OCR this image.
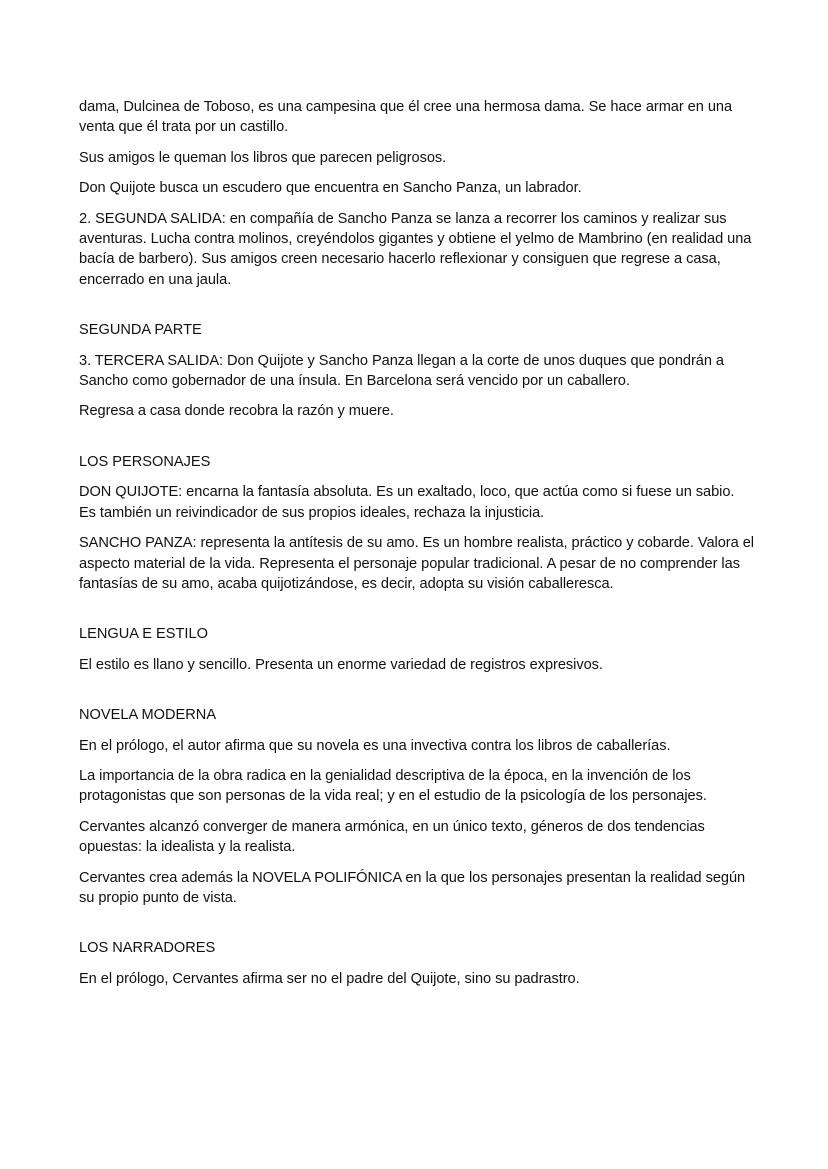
dama, Dulcinea de Toboso, es una campesina que él cree una hermosa dama. Se hace armar en una venta que él trata por un castillo.

Sus amigos le queman los libros que parecen peligrosos.

Don Quijote busca un escudero que encuentra en Sancho Panza, un labrador.

2. SEGUNDA SALIDA: en compañía de Sancho Panza se lanza a recorrer los caminos y realizar sus aventuras. Lucha contra molinos, creyéndolos gigantes y obtiene el yelmo de Mambrino (en realidad una bacía de barbero). Sus amigos creen necesario hacerlo reflexionar y consiguen que regrese a casa, encerrado en una jaula.

SEGUNDA PARTE

3. TERCERA SALIDA: Don Quijote y Sancho Panza llegan a la corte de unos duques que pondrán a Sancho como gobernador de una ínsula. En Barcelona será vencido por un caballero.

Regresa a casa donde recobra la razón y muere.

LOS PERSONAJES

DON QUIJOTE: encarna la fantasía absoluta. Es un exaltado, loco, que actúa como si fuese un sabio. Es también un reivindicador de sus propios ideales, rechaza la injusticia.

SANCHO PANZA: representa la antítesis de su amo. Es un hombre realista, práctico y cobarde. Valora el aspecto material de la vida. Representa el personaje popular tradicional. A pesar de no comprender las fantasías de su amo, acaba quijotizándose, es decir, adopta su visión caballeresca.

LENGUA E ESTILO

El estilo es llano y sencillo. Presenta un enorme variedad de registros expresivos.

NOVELA MODERNA

En el prólogo, el autor afirma que su novela es una invectiva contra los libros de caballerías.

La importancia de la obra radica en la genialidad descriptiva de la época, en la invención de los protagonistas que son personas de la vida real; y en el estudio de la psicología de los personajes.

Cervantes alcanzó converger de manera armónica, en un único texto, géneros de dos tendencias opuestas: la idealista y la realista.

Cervantes crea además la NOVELA POLIFÓNICA en la que los personajes presentan la realidad según su propio punto de vista.

LOS NARRADORES

En el prólogo, Cervantes afirma ser no el padre del Quijote, sino su padrastro.
